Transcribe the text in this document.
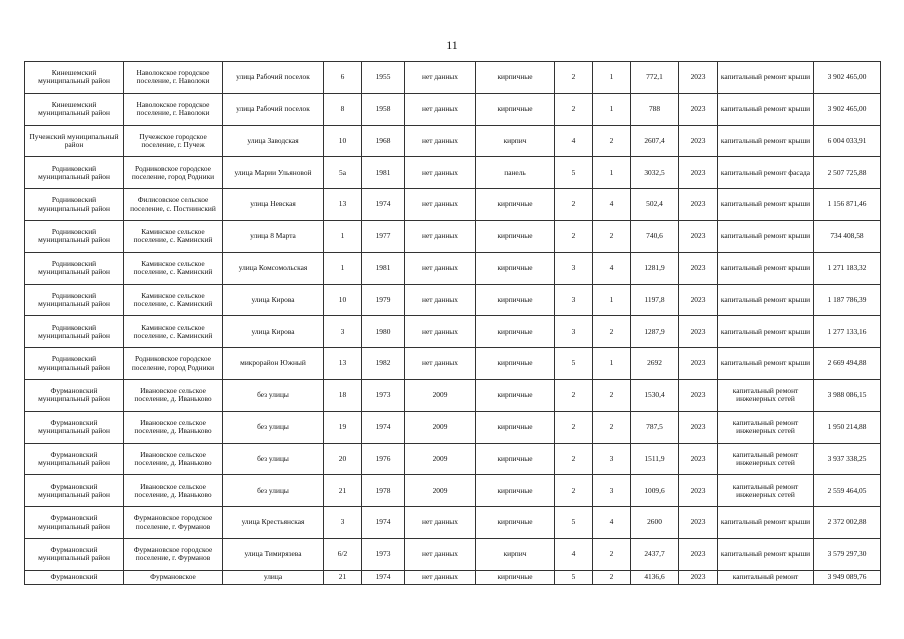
11
Кинешемский муниципальный район	Наволокское городское поселение, г. Наволоки	улица Рабочий поселок	6	1955	нет данных	кирпичные	2	1	772,1	2023	капитальный ремонт крыши	3 902 465,00
Кинешемский муниципальный район	Наволокское городское поселение, г. Наволоки	улица Рабочий поселок	8	1958	нет данных	кирпичные	2	1	788	2023	капитальный ремонт крыши	3 902 465,00
Пучежский муниципальный район	Пучежское городское поселение, г. Пучеж	улица Заводская	10	1968	нет данных	кирпич	4	2	2607,4	2023	капитальный ремонт крыши	6 004 033,91
Родниковский муниципальный район	Родниковское городское поселение, город Родники	улица Марии Ульяновой	5а	1981	нет данных	панель	5	1	3032,5	2023	капитальный ремонт фасада	2 507 725,88
Родниковский муниципальный район	Филисовское сельское поселение, с. Постнинский	улица Невская	13	1974	нет данных	кирпичные	2	4	502,4	2023	капитальный ремонт крыши	1 156 871,46
Родниковский муниципальный район	Каминское сельское поселение, с. Каминский	улица 8 Марта	1	1977	нет данных	кирпичные	2	2	740,6	2023	капитальный ремонт крыши	734 408,58
Родниковский муниципальный район	Каминское сельское поселение, с. Каминский	улица Комсомольская	1	1981	нет данных	кирпичные	3	4	1281,9	2023	капитальный ремонт крыши	1 271 183,32
Родниковский муниципальный район	Каминское сельское поселение, с. Каминский	улица Кирова	10	1979	нет данных	кирпичные	3	1	1197,8	2023	капитальный ремонт крыши	1 187 786,39
Родниковский муниципальный район	Каминское сельское поселение, с. Каминский	улица Кирова	3	1980	нет данных	кирпичные	3	2	1287,9	2023	капитальный ремонт крыши	1 277 133,16
Родниковский муниципальный район	Родниковское городское поселение, город Родники	микрорайон Южный	13	1982	нет данных	кирпичные	5	1	2692	2023	капитальный ремонт крыши	2 669 494,88
Фурмановский муниципальный район	Ивановское сельское поселение, д. Иваньково	без улицы	18	1973	2009	кирпичные	2	2	1530,4	2023	капитальный ремонт инженерных сетей	3 988 086,15
Фурмановский муниципальный район	Ивановское сельское поселение, д. Иваньково	без улицы	19	1974	2009	кирпичные	2	2	787,5	2023	капитальный ремонт инженерных сетей	1 950 214,88
Фурмановский муниципальный район	Ивановское сельское поселение, д. Иваньково	без улицы	20	1976	2009	кирпичные	2	3	1511,9	2023	капитальный ремонт инженерных сетей	3 937 338,25
Фурмановский муниципальный район	Ивановское сельское поселение, д. Иваньково	без улицы	21	1978	2009	кирпичные	2	3	1009,6	2023	капитальный ремонт инженерных сетей	2 559 464,05
Фурмановский муниципальный район	Фурмановское городское поселение, г. Фурманов	улица Крестьянская	3	1974	нет данных	кирпичные	5	4	2600	2023	капитальный ремонт крыши	2 372 002,88
Фурмановский муниципальный район	Фурмановское городское поселение, г. Фурманов	улица Тимирязева	6/2	1973	нет данных	кирпич	4	2	2437,7	2023	капитальный ремонт крыши	3 579 297,30
Фурмановский	Фурмановское	улица	21	1974	нет данных	кирпичные	5	2	4136,6	2023	капитальный ремонт	3 949 089,76
